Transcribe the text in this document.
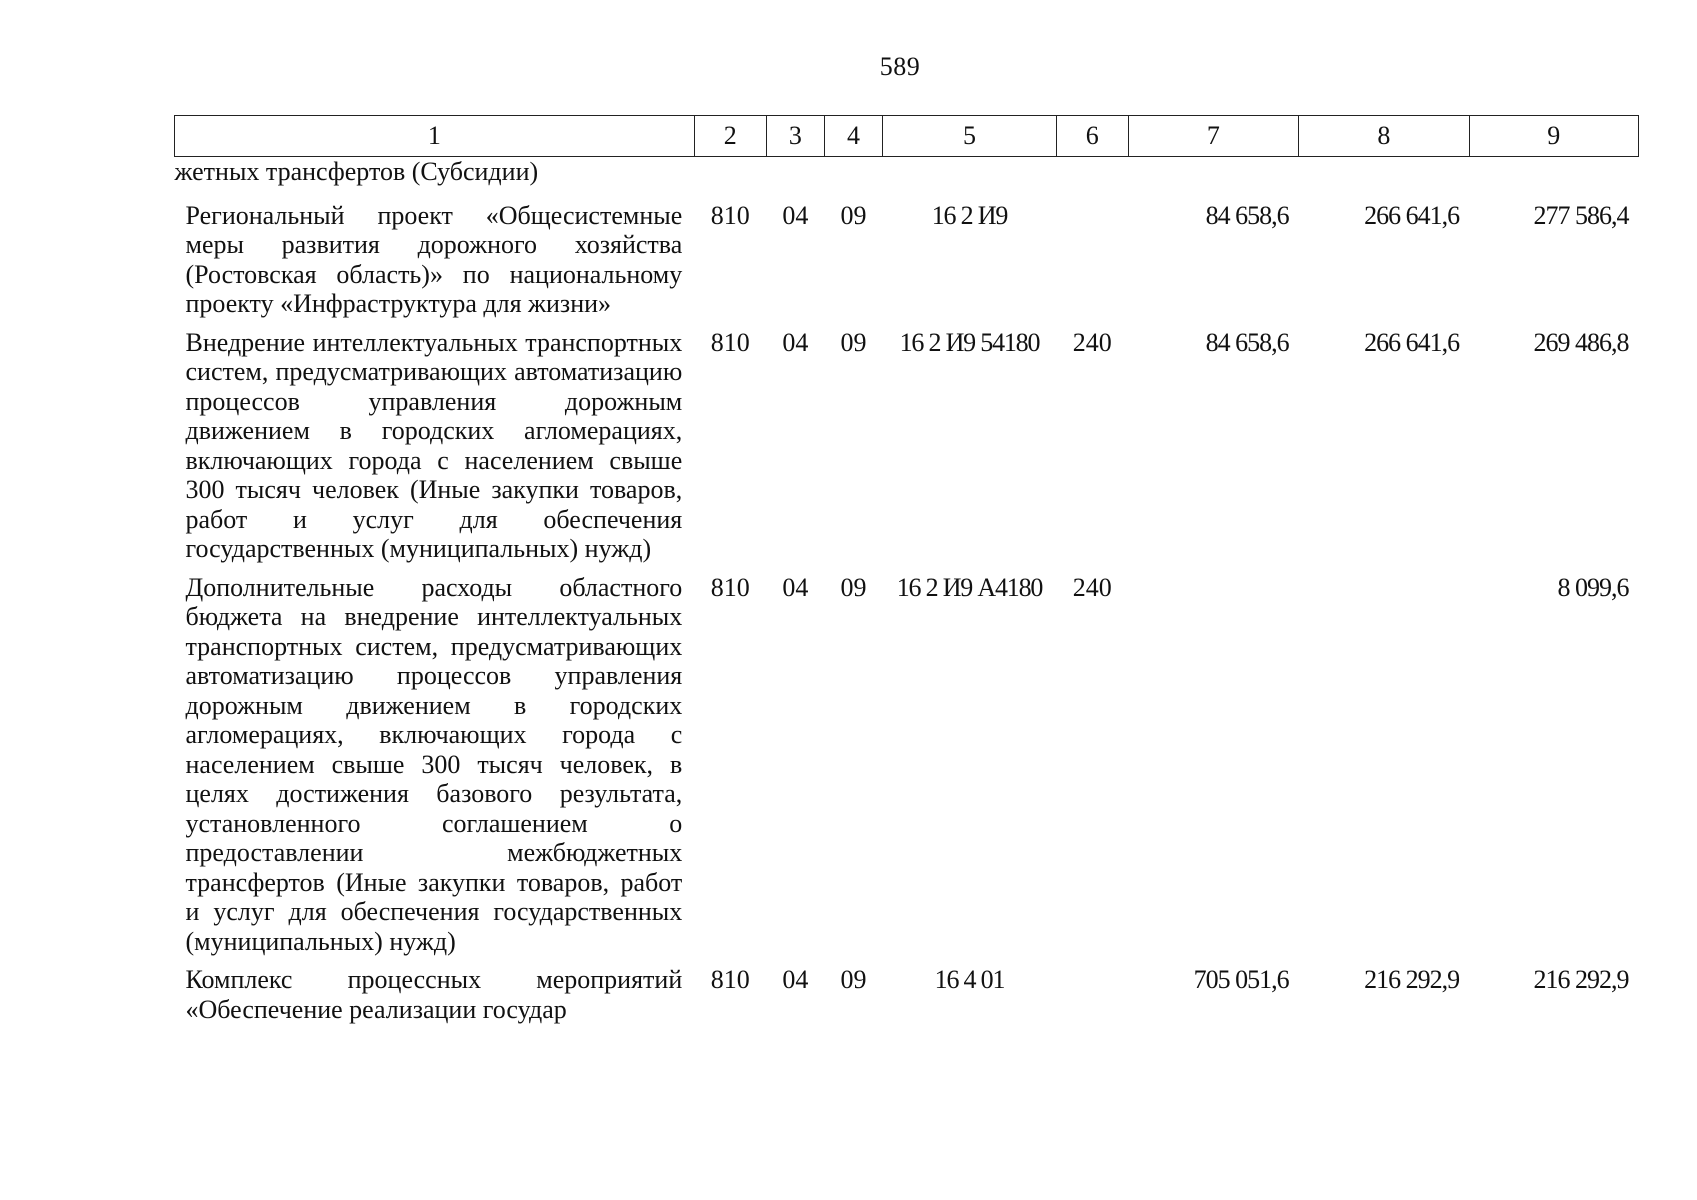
589
1	2	3	4	5	6	7	8	9
жетных трансфертов (Субсидии)								
Региональный проект «Общесистемные меры развития дорожного хозяйства (Ростовская область)» по национальному проекту «Инфраструктура для жизни»	810	04	09	16 2 И9		84 658,6	266 641,6	277 586,4
Внедрение интеллектуальных транспортных систем, предусматривающих автоматизацию процессов управления дорожным движением в городских агломерациях, включающих города с населением свыше 300 тысяч человек (Иные закупки товаров, работ и услуг для обеспечения государственных (муниципальных) нужд)	810	04	09	16 2 И9 54180	240	84 658,6	266 641,6	269 486,8
Дополнительные расходы областного бюджета на внедрение интеллектуальных транспортных систем, предусматривающих автоматизацию процессов управления дорожным движением в городских агломерациях, включающих города с населением свыше 300 тысяч человек, в целях достижения базового результата, установленного соглашением о предоставлении межбюджетных трансфертов (Иные закупки товаров, работ и услуг для обеспечения государственных (муниципальных) нужд)	810	04	09	16 2 И9 А4180	240			8 099,6
Комплекс процессных мероприятий «Обеспечение реализации государ	810	04	09	16 4 01		705 051,6	216 292,9	216 292,9
